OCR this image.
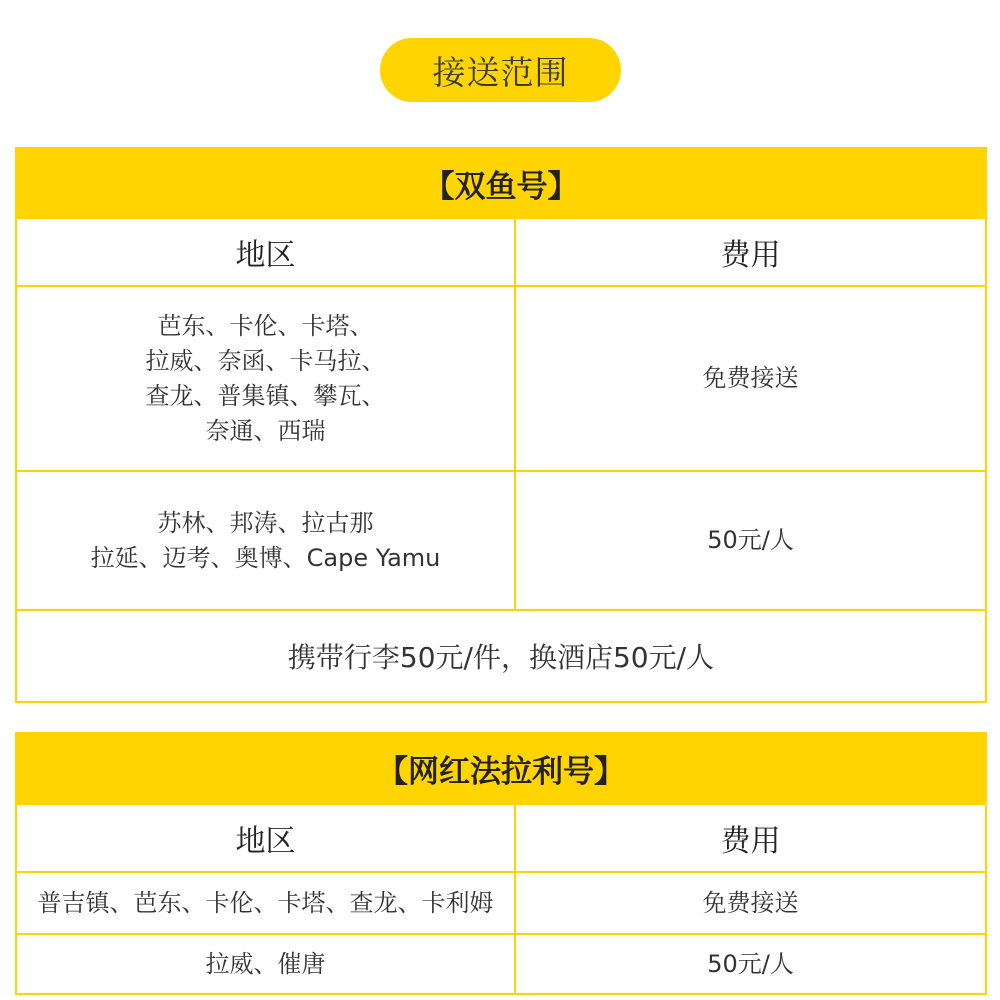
接送范围
【双鱼号】	
地区	费用

芭东、卡伦、卡塔、
拉威、奈函、卡马拉、
查龙、普集镇、攀瓦、
奈通、西瑞	免费接送

苏林、邦涛、拉古那
拉延、迈考、奥博、Cape Yamu	50元/人
携带行李50元/件，换酒店50元/人	
【网红法拉利号】	
地区	费用
普吉镇、芭东、卡伦、卡塔、查龙、卡利姆	免费接送
拉威、催唐	50元/人
